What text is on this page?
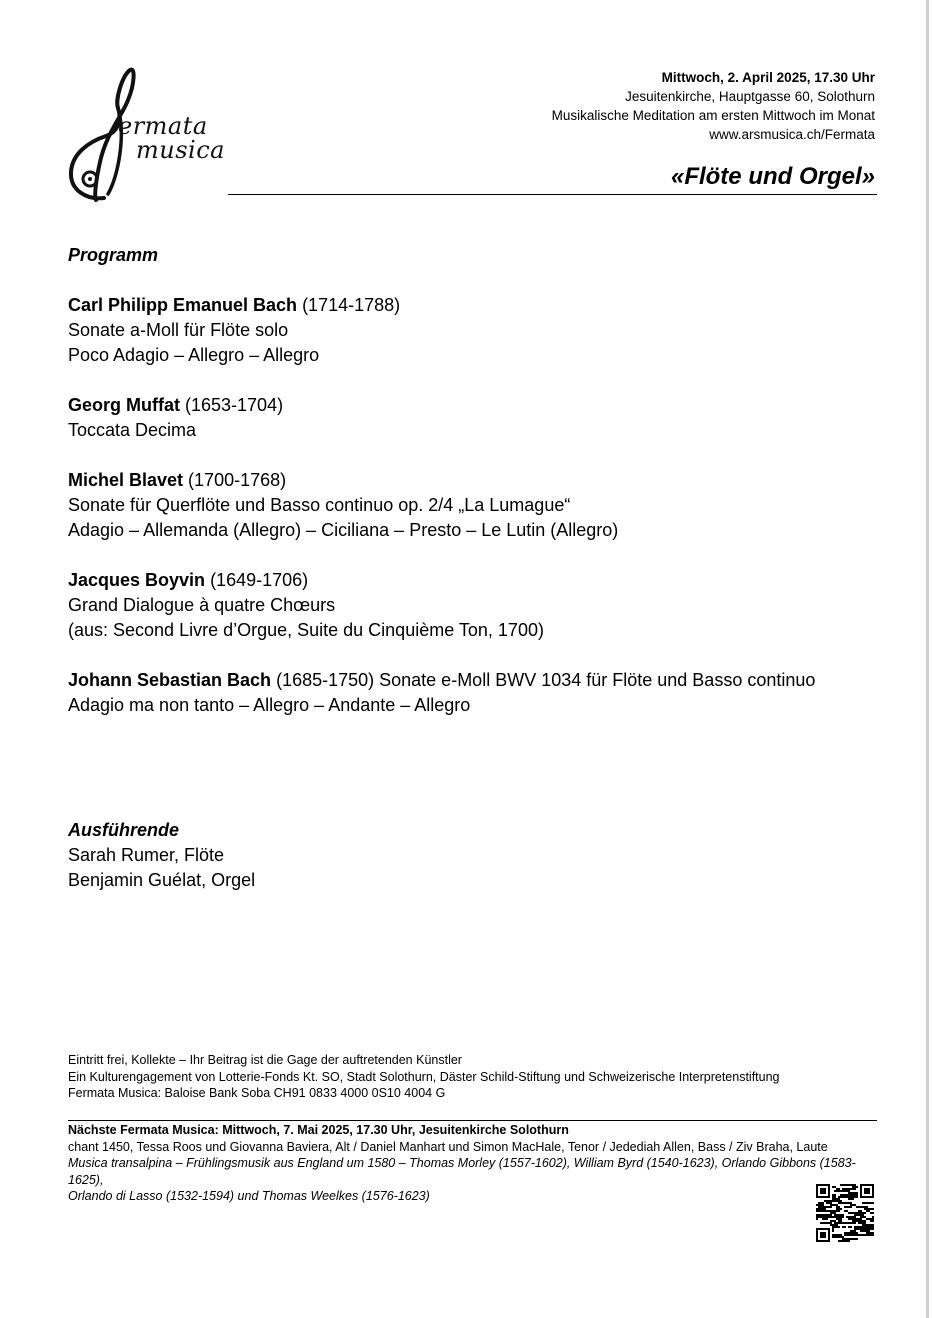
ermata
musica
Mittwoch, 2. April 2025, 17.30 Uhr
Jesuitenkirche, Hauptgasse 60, Solothurn
Musikalische Meditation am ersten Mittwoch im Monat
www.arsmusica.ch/Fermata
«Flöte und Orgel»
Programm
Carl Philipp Emanuel Bach (1714-1788)
Sonate a-Moll für Flöte solo
Poco Adagio – Allegro – Allegro
Georg Muffat (1653-1704)
Toccata Decima
Michel Blavet (1700-1768)
Sonate für Querflöte und Basso continuo op. 2/4 „La Lumague“
Adagio – Allemanda (Allegro) – Ciciliana – Presto – Le Lutin (Allegro)
Jacques Boyvin (1649-1706)
Grand Dialogue à quatre Chœurs
(aus: Second Livre d’Orgue, Suite du Cinquième Ton, 1700)
Johann Sebastian Bach (1685-1750) Sonate e-Moll BWV 1034 für Flöte und Basso continuo
Adagio ma non tanto – Allegro – Andante – Allegro
Ausführende
Sarah Rumer, Flöte
Benjamin Guélat, Orgel
Eintritt frei, Kollekte – Ihr Beitrag ist die Gage der auftretenden Künstler
Ein Kulturengagement von Lotterie-Fonds Kt. SO, Stadt Solothurn, Däster Schild-Stiftung und Schweizerische Interpretenstiftung
Fermata Musica: Baloise Bank Soba CH91 0833 4000 0S10 4004 G
Nächste Fermata Musica: Mittwoch, 7. Mai 2025, 17.30 Uhr, Jesuitenkirche Solothurn
chant 1450, Tessa Roos und Giovanna Baviera, Alt / Daniel Manhart und Simon MacHale, Tenor / Jedediah Allen, Bass / Ziv Braha, Laute
Musica transalpina – Frühlingsmusik aus England um 1580 – Thomas Morley (1557-1602), William Byrd (1540-1623), Orlando Gibbons (1583-1625),
Orlando di Lasso (1532-1594) und Thomas Weelkes (1576-1623)
